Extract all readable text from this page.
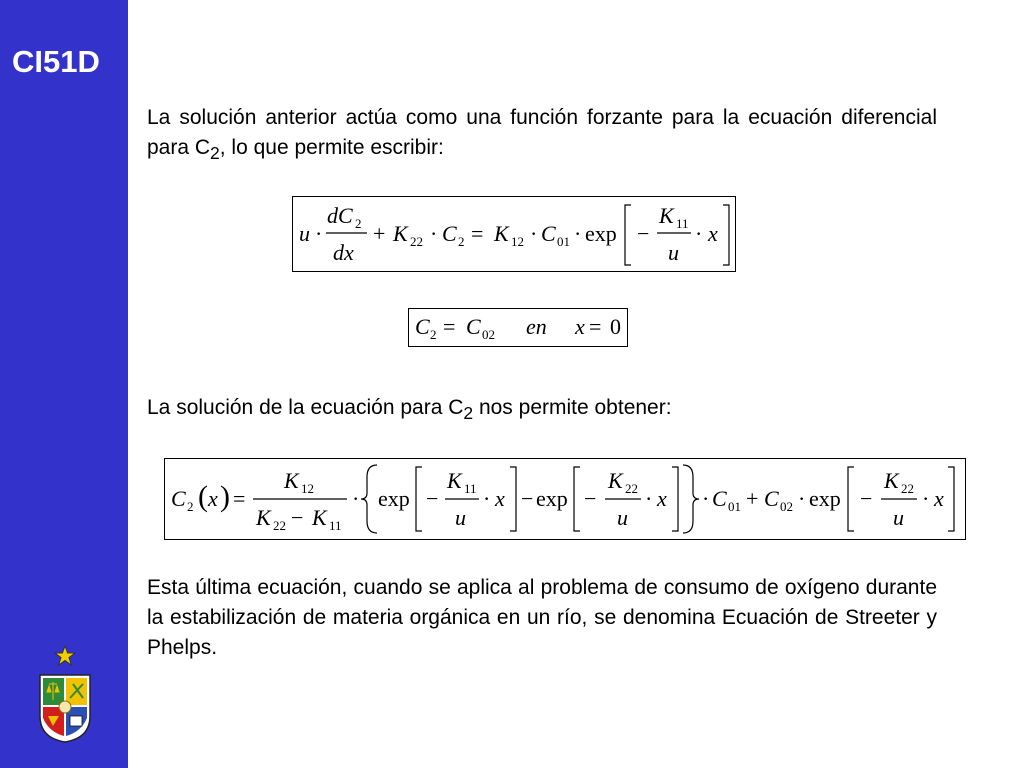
CI51D
La solución anterior actúa como una función forzante para la ecuación diferencial para $C_2$, lo que permite escribir:
u ·
dC 2
dx
+ K 22 · C 2 = K 12 · C 01 · exp −
K 11
u
· x
C 2 = C 02 en x = 0
La solución de la ecuación para $C_2$ nos permite obtener:
C 2 ( x ) =
K 12
K 22 − K 11
· exp −
K 11
u
· x − exp −
K 22
u
· x · C 01 + C 02 · exp −
K 22
u
· x
Esta última ecuación, cuando se aplica al problema de consumo de oxígeno durante la estabilización de materia orgánica en un río, se denomina Ecuación de Streeter y Phelps.
